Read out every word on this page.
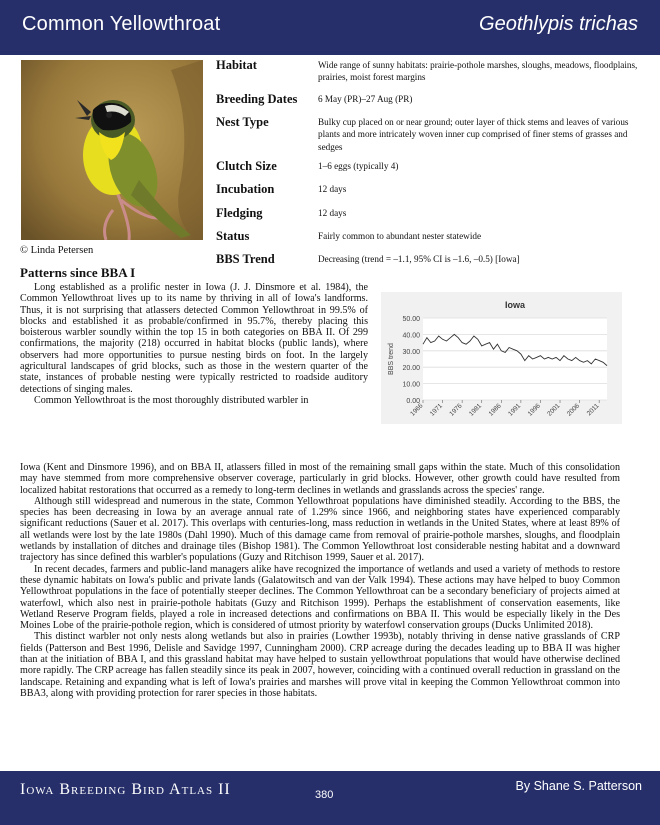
Common Yellowthroat	Geothlypis trichas
© Linda Petersen
Habitat	Wide range of sunny habitats: prairie-pothole marshes, sloughs, meadows, floodplains, prairies, moist forest margins
Breeding Dates 6 May (PR)–27 Aug (PR)
Nest Type	Bulky cup placed on or near ground; outer layer of thick stems and leaves of various plants and more intricately woven inner cup comprised of finer stems of grasses and sedges
Clutch Size	1–6 eggs (typically 4)
Incubation	12 days
Fledging	12 days
Status	Fairly common to abundant nester statewide
BBS Trend	Decreasing (trend = –1.1, 95% CI is –1.6, –0.5) [Iowa]
Patterns since BBA I
Iowa
0.00
10.00
20.00
30.00
40.00
50.00
1966 1971 1976 1981 1986 1991 1996 2001 2006 2011
BBS trend

Long established as a prolific nester in Iowa (J. J. Dinsmore et al. 1984), the Common Yellowthroat lives up to its name by thriving in all of Iowa's landforms. Thus, it is not surprising that atlassers detected Common Yellowthroat in 99.5% of blocks and established it as probable/confirmed in 95.7%, thereby placing this boisterous warbler soundly within the top 15 in both categories on BBA II. Of 299 confirmations, the majority (218) occurred in habitat blocks (public lands), where observers had more opportunities to pursue nesting birds on foot. In the largely agricultural landscapes of grid blocks, such as those in the western quarter of the state, instances of probable nesting were typically restricted to roadside auditory detections of singing males.

Common Yellowthroat is the most thoroughly distributed warbler in

Iowa (Kent and Dinsmore 1996), and on BBA II, atlassers filled in most of the remaining small gaps within the state. Much of this consolidation may have stemmed from more comprehensive observer coverage, particularly in grid blocks. However, other growth could have resulted from localized habitat restorations that occurred as a remedy to long-term declines in wetlands and grasslands across the species' range.

Although still widespread and numerous in the state, Common Yellowthroat populations have diminished steadily. According to the BBS, the species has been decreasing in Iowa by an average annual rate of 1.29% since 1966, and neighboring states have experienced comparably significant reductions (Sauer et al. 2017). This overlaps with centuries-long, mass reduction in wetlands in the United States, where at least 89% of all wetlands were lost by the late 1980s (Dahl 1990). Much of this damage came from removal of prairie-pothole marshes, sloughs, and floodplain wetlands by installation of ditches and drainage tiles (Bishop 1981). The Common Yellowthroat lost considerable nesting habitat and a downward trajectory has since defined this warbler's populations (Guzy and Ritchison 1999, Sauer et al. 2017).

In recent decades, farmers and public-land managers alike have recognized the importance of wetlands and used a variety of methods to restore these dynamic habitats on Iowa's public and private lands (Galatowitsch and van der Valk 1994). These actions may have helped to buoy Common Yellowthroat populations in the face of potentially steeper declines. The Common Yellowthroat can be a secondary beneficiary of projects aimed at waterfowl, which also nest in prairie-pothole habitats (Guzy and Ritchison 1999). Perhaps the establishment of conservation easements, like Wetland Reserve Program fields, played a role in increased detections and confirmations on BBA II. This would be especially likely in the Des Moines Lobe of the prairie-pothole region, which is considered of utmost priority by waterfowl conservation groups (Ducks Unlimited 2018).

This distinct warbler not only nests along wetlands but also in prairies (Lowther 1993b), notably thriving in dense native grasslands of CRP fields (Patterson and Best 1996, Delisle and Savidge 1997, Cunningham 2000). CRP acreage during the decades leading up to BBA II was higher than at the initiation of BBA I, and this grassland habitat may have helped to sustain yellowthroat populations that would have otherwise declined more rapidly. The CRP acreage has fallen steadily since its peak in 2007, however, coinciding with a continued overall reduction in grassland on the landscape. Retaining and expanding what is left of Iowa's prairies and marshes will prove vital in keeping the Common Yellowthroat common into BBA3, along with providing protection for rarer species in those habitats.

Iowa Breeding Bird Atlas II	380
By Shane S. Patterson
